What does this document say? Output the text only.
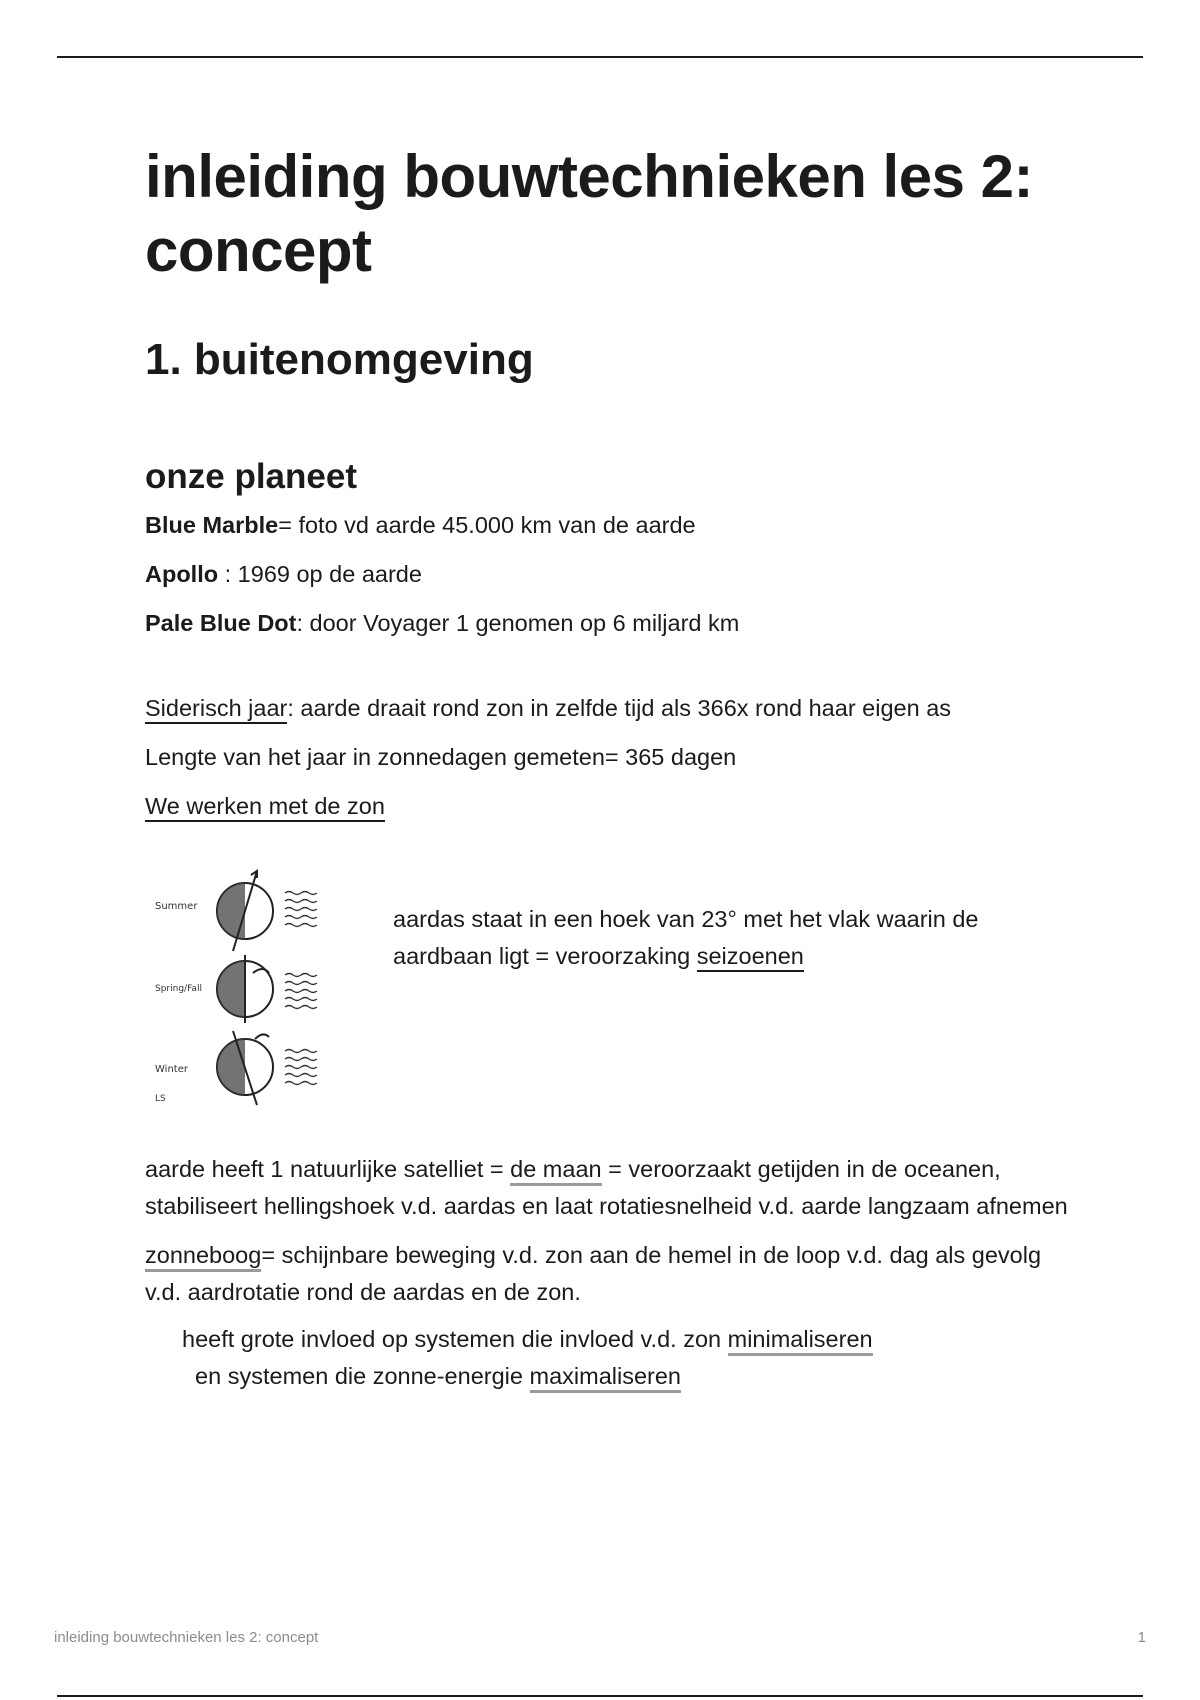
inleiding bouwtechnieken les 2: concept
1. buitenomgeving
onze planeet

Blue Marble= foto vd aarde 45.000 km van de aarde

Apollo : 1969 op de aarde

Pale Blue Dot: door Voyager 1 genomen op 6 miljard km

Siderisch jaar: aarde draait rond zon in zelfde tijd als 366x rond haar eigen as

Lengte van het jaar in zonnedagen gemeten= 365 dagen

We werken met de zon

Summer
Spring/Fall
Winter
LS

aardas staat in een hoek van 23° met het vlak waarin de aardbaan ligt = veroorzaking seizoenen

aarde heeft 1 natuurlijke satelliet = de maan = veroorzaakt getijden in de oceanen, stabiliseert hellingshoek v.d. aardas en laat rotatiesnelheid v.d. aarde langzaam afnemen

zonneboog= schijnbare beweging v.d. zon aan de hemel in de loop v.d. dag als gevolg v.d. aardrotatie rond de aardas en de zon.

heeft grote invloed op systemen die invloed v.d. zon minimaliseren  en systemen die zonne-energie maximaliseren

inleiding bouwtechnieken les 2: concept	1
